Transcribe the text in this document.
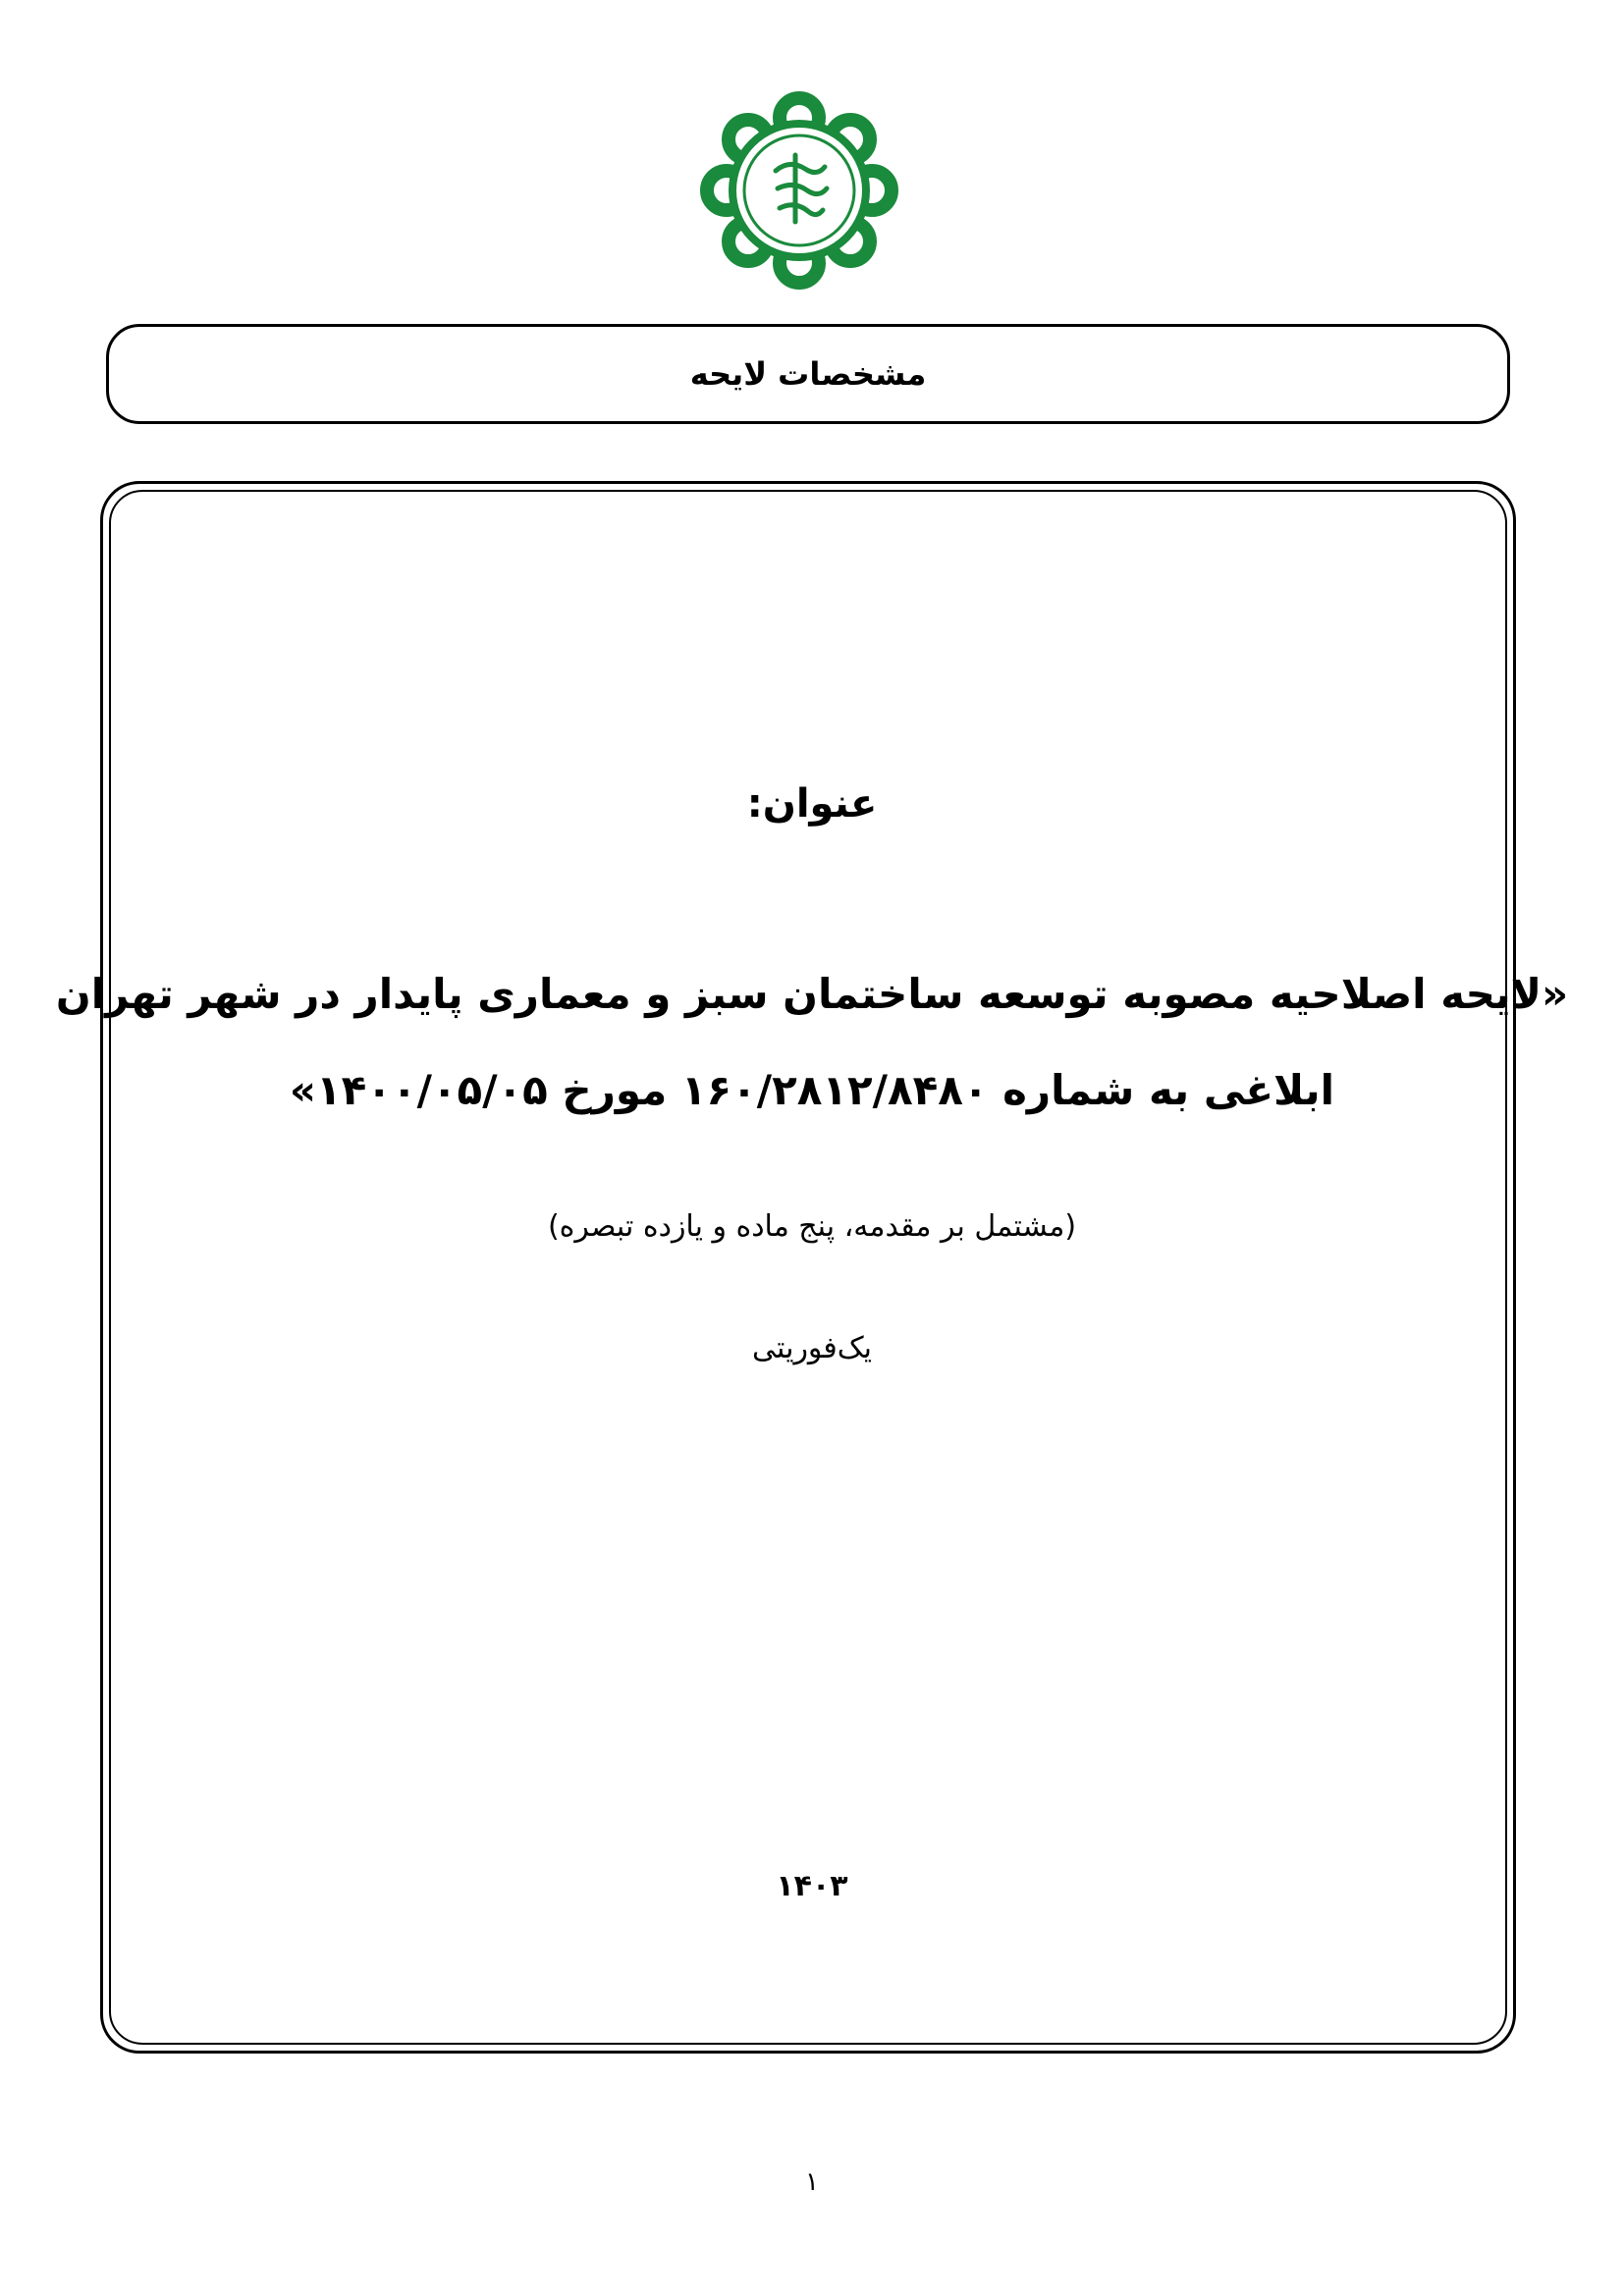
مشخصات لایحه
عنوان:
«لایحه اصلاحیه مصوبه توسعه ساختمان سبز و معماری پایدار در شهر تهران
ابلاغی به شماره ۱۶۰/۲۸۱۲/۸۴۸۰ مورخ ۱۴۰۰/۰۵/۰۵»
(مشتمل بر مقدمه، پنج ماده و یازده تبصره)
یک‌فوریتی
۱۴۰۳
۱
